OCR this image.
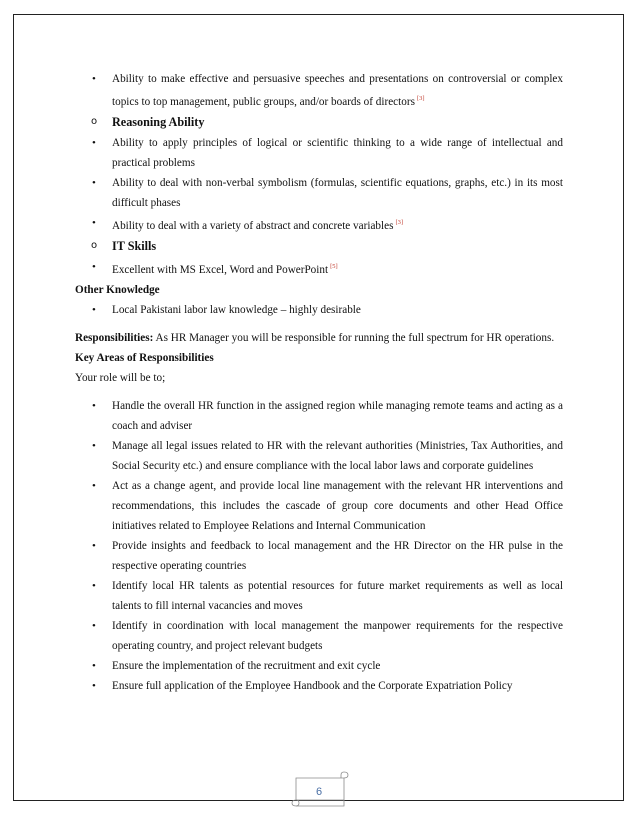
• Ability to make effective and persuasive speeches and presentations on controversial or complex topics to top management, public groups, and/or boards of directors [3]
o Reasoning Ability
• Ability to apply principles of logical or scientific thinking to a wide range of intellectual and practical problems
• Ability to deal with non-verbal symbolism (formulas, scientific equations, graphs, etc.) in its most difficult phases
• Ability to deal with a variety of abstract and concrete variables [3]
o IT Skills
• Excellent with MS Excel, Word and PowerPoint [5]
Other Knowledge
• Local Pakistani labor law knowledge – highly desirable
Responsibilities: As HR Manager you will be responsible for running the full spectrum for HR operations.
Key Areas of Responsibilities
Your role will be to;
• Handle the overall HR function in the assigned region while managing remote teams and acting as a coach and adviser
• Manage all legal issues related to HR with the relevant authorities (Ministries, Tax Authorities, and Social Security etc.) and ensure compliance with the local labor laws and corporate guidelines
• Act as a change agent, and provide local line management with the relevant HR interventions and recommendations, this includes the cascade of group core documents and other Head Office initiatives related to Employee Relations and Internal Communication
• Provide insights and feedback to local management and the HR Director on the HR pulse in the respective operating countries
• Identify local HR talents as potential resources for future market requirements as well as local talents to fill internal vacancies and moves
• Identify in coordination with local management the manpower requirements for the respective operating country, and project relevant budgets
• Ensure the implementation of the recruitment and exit cycle
• Ensure full application of the Employee Handbook and the Corporate Expatriation Policy
6
